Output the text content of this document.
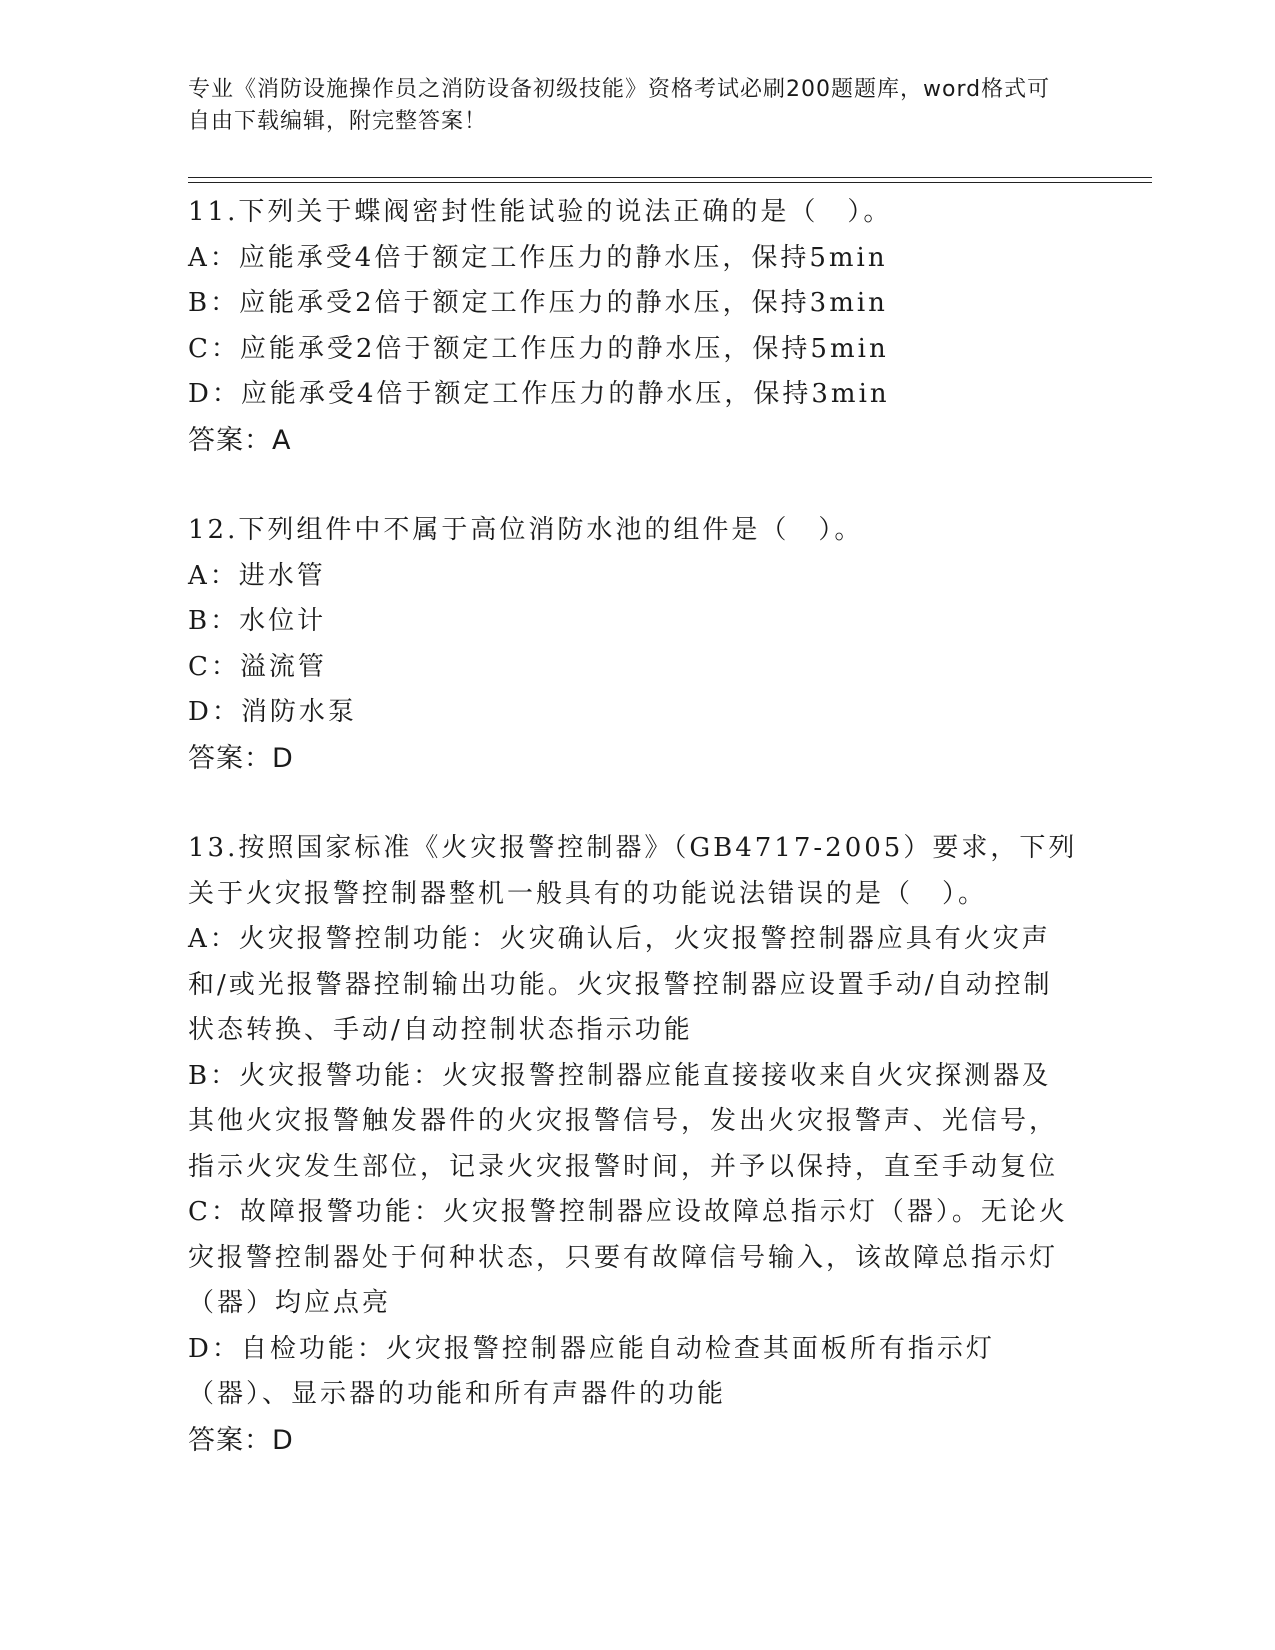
专业《消防设施操作员之消防设备初级技能》资格考试必刷200题题库，word格式可自由下载编辑，附完整答案！

11.下列关于蝶阀密封性能试验的说法正确的是（　）。

A：应能承受4倍于额定工作压力的静水压，保持5min

B：应能承受2倍于额定工作压力的静水压，保持3min

C：应能承受2倍于额定工作压力的静水压，保持5min

D：应能承受4倍于额定工作压力的静水压，保持3min

答案：A

12.下列组件中不属于高位消防水池的组件是（　）。

A：进水管

B：水位计

C：溢流管

D：消防水泵

答案：D

13.按照国家标准《火灾报警控制器》（GB4717-2005）要求，下列关于火灾报警控制器整机一般具有的功能说法错误的是（　）。

A：火灾报警控制功能：火灾确认后，火灾报警控制器应具有火灾声和/或光报警器控制输出功能。火灾报警控制器应设置手动/自动控制状态转换、手动/自动控制状态指示功能

B：火灾报警功能：火灾报警控制器应能直接接收来自火灾探测器及其他火灾报警触发器件的火灾报警信号，发出火灾报警声、光信号，指示火灾发生部位，记录火灾报警时间，并予以保持，直至手动复位

C：故障报警功能：火灾报警控制器应设故障总指示灯（器）。无论火灾报警控制器处于何种状态，只要有故障信号输入，该故障总指示灯（器）均应点亮

D：自检功能：火灾报警控制器应能自动检查其面板所有指示灯（器）、显示器的功能和所有声器件的功能

答案：D
